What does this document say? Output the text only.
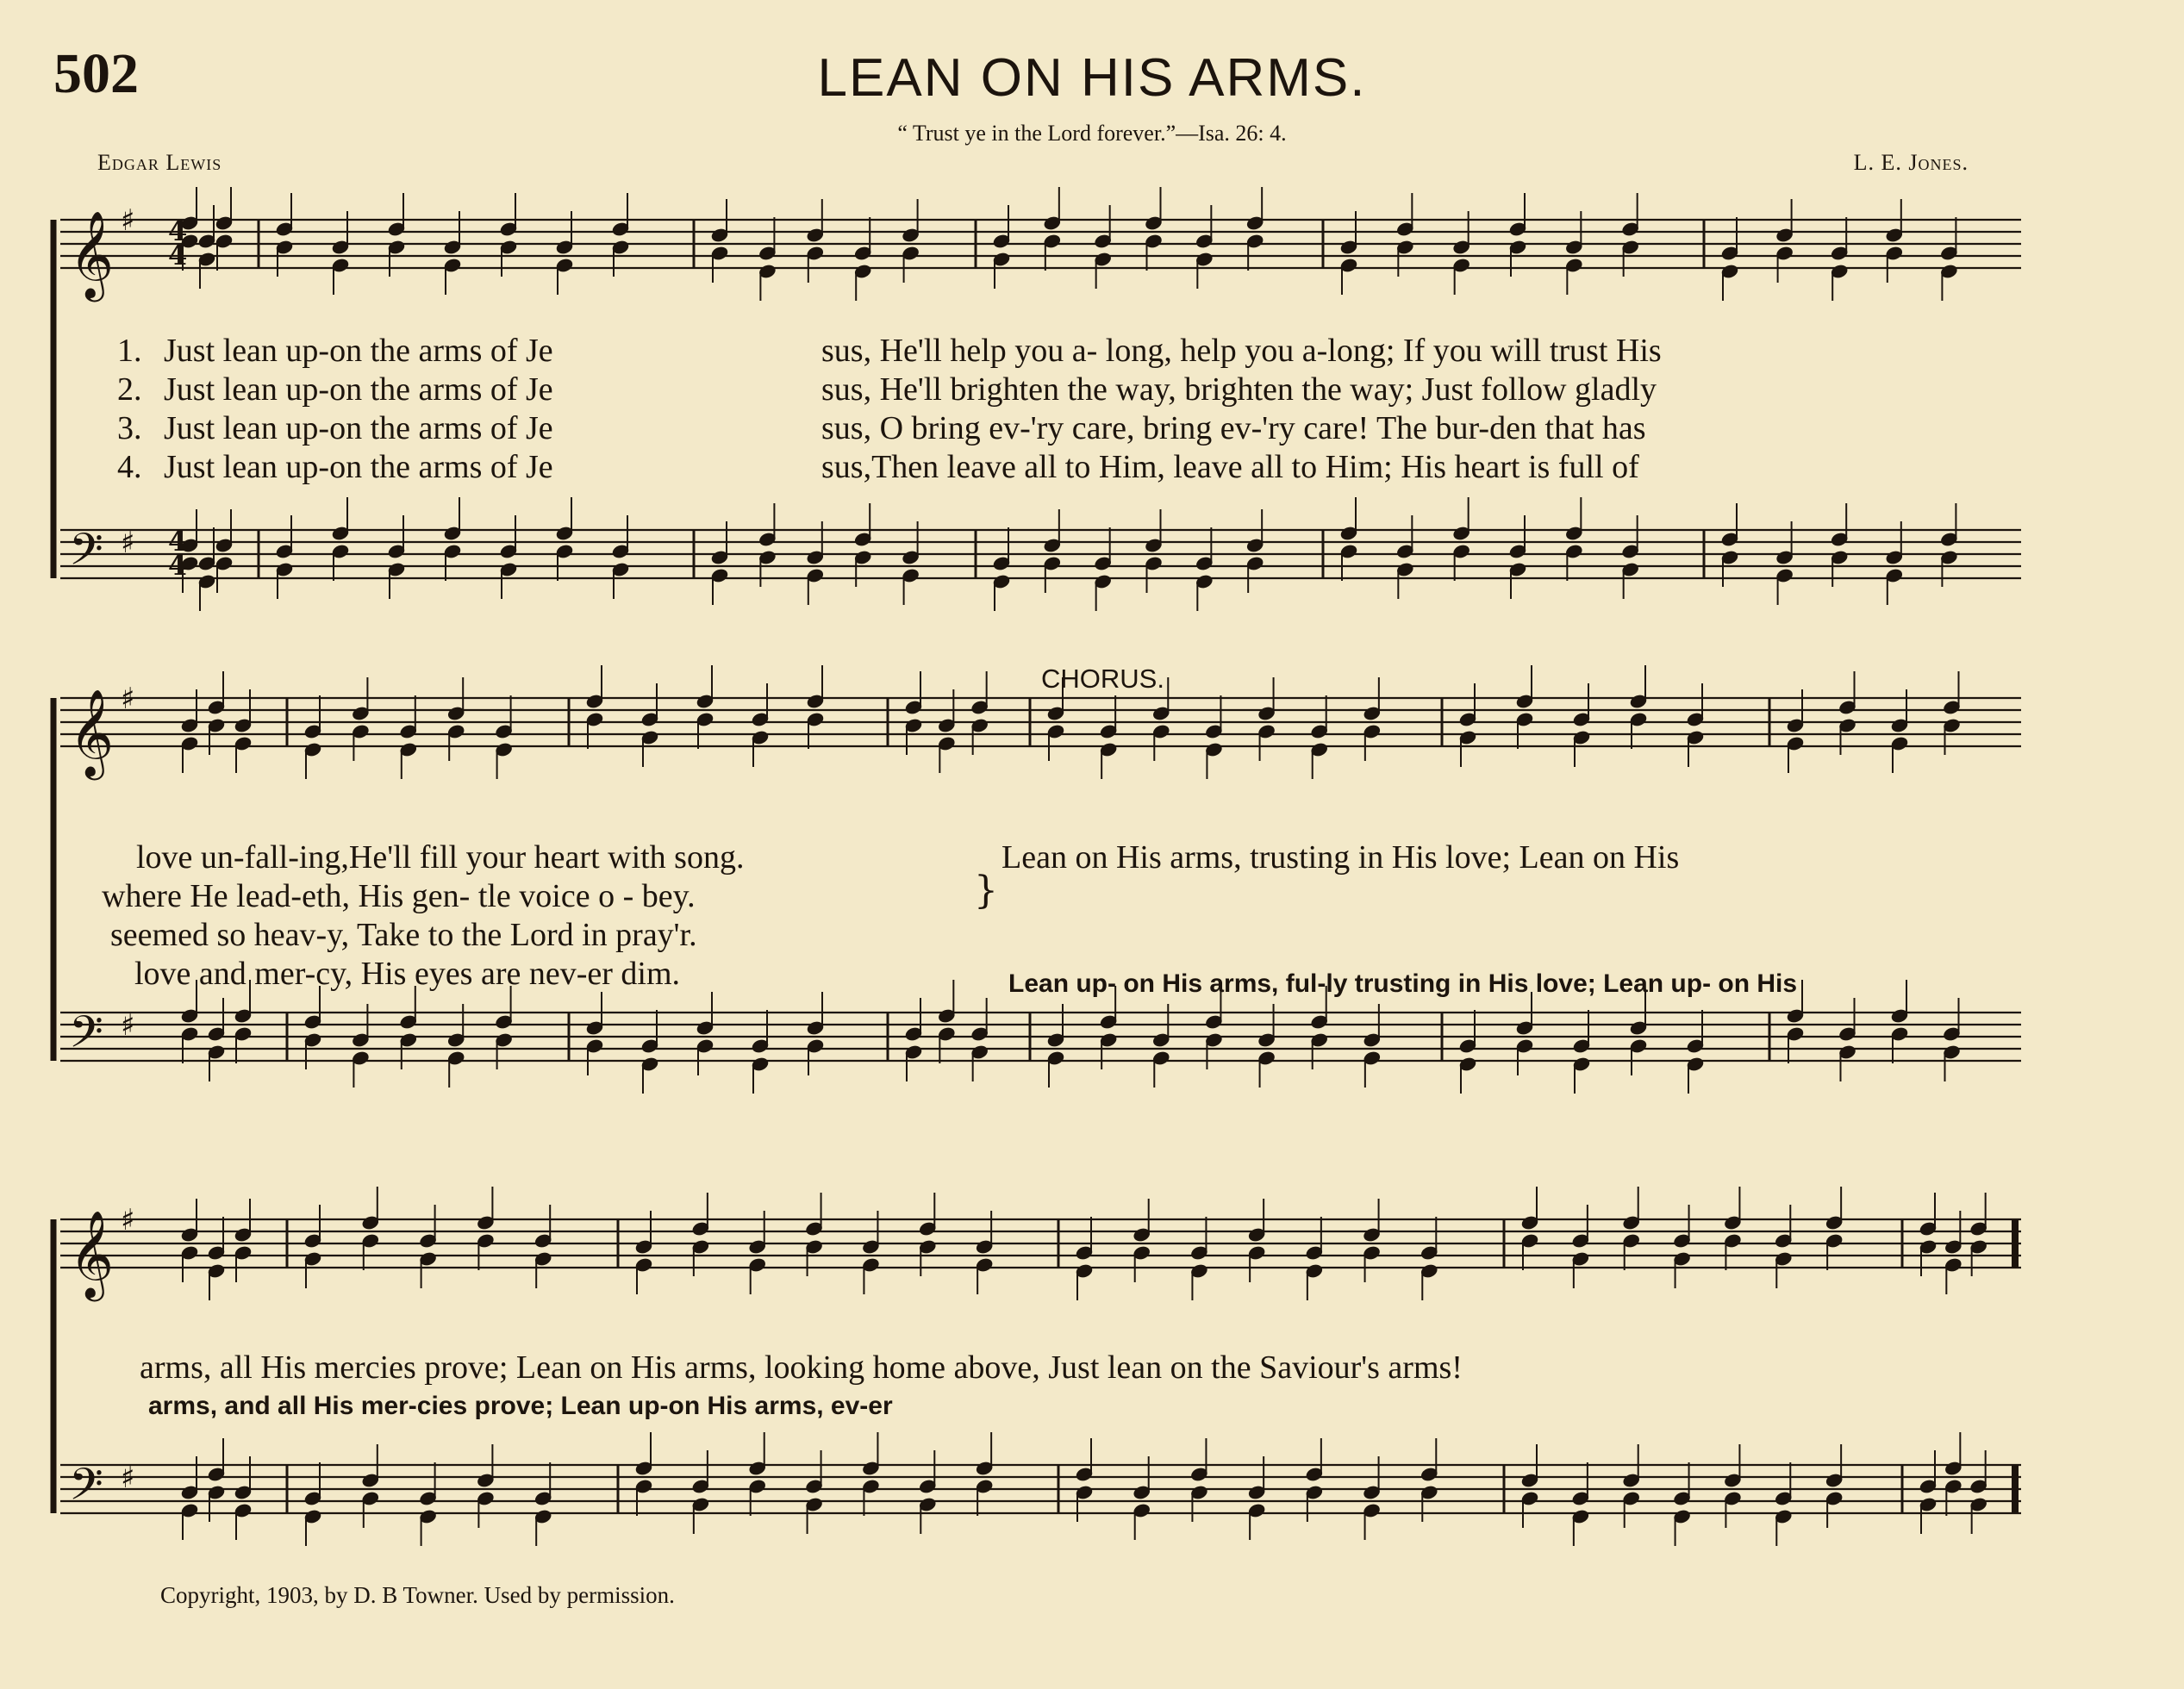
502	LEAN ON HIS ARMS.
“ Trust ye in the Lord forever.”—Isa. 26: 4.
Edgar Lewis	L. E. Jones.
𝄞 ♯
𝄢 ♯
𝄞 ♯
𝄢 ♯
𝄞 ♯
𝄢 ♯
4
4
4
4
CHORUS.
1. Just lean up-on the arms of Je	sus, He'll help you a- long, help you a-long; If you will trust His
2. Just lean up-on the arms of Je	sus, He'll brighten the way, brighten the way; Just follow gladly
3. Just lean up-on the arms of Je	sus, O bring ev-'ry care, bring ev-'ry care! The bur-den that has
4. Just lean up-on the arms of Je	sus,Then leave all to Him, leave all to Him; His heart is full of
love un-fall-ing,He'll fill your heart with song.
where He lead-eth, His gen- tle voice o - bey.
seemed so heav-y, Take to the Lord in pray'r.
love and mer-cy, His eyes are nev-er dim.
}
Lean on His arms, trusting in His love; Lean on His
Lean up- on His arms, ful-ly trusting in His love; Lean up- on His
arms, all His mercies prove; Lean on His arms, looking home above, Just lean on the Saviour's arms!
arms, and all His mer-cies prove; Lean up-on His arms, ev-er
Copyright, 1903, by D. B Towner. Used by permission.
